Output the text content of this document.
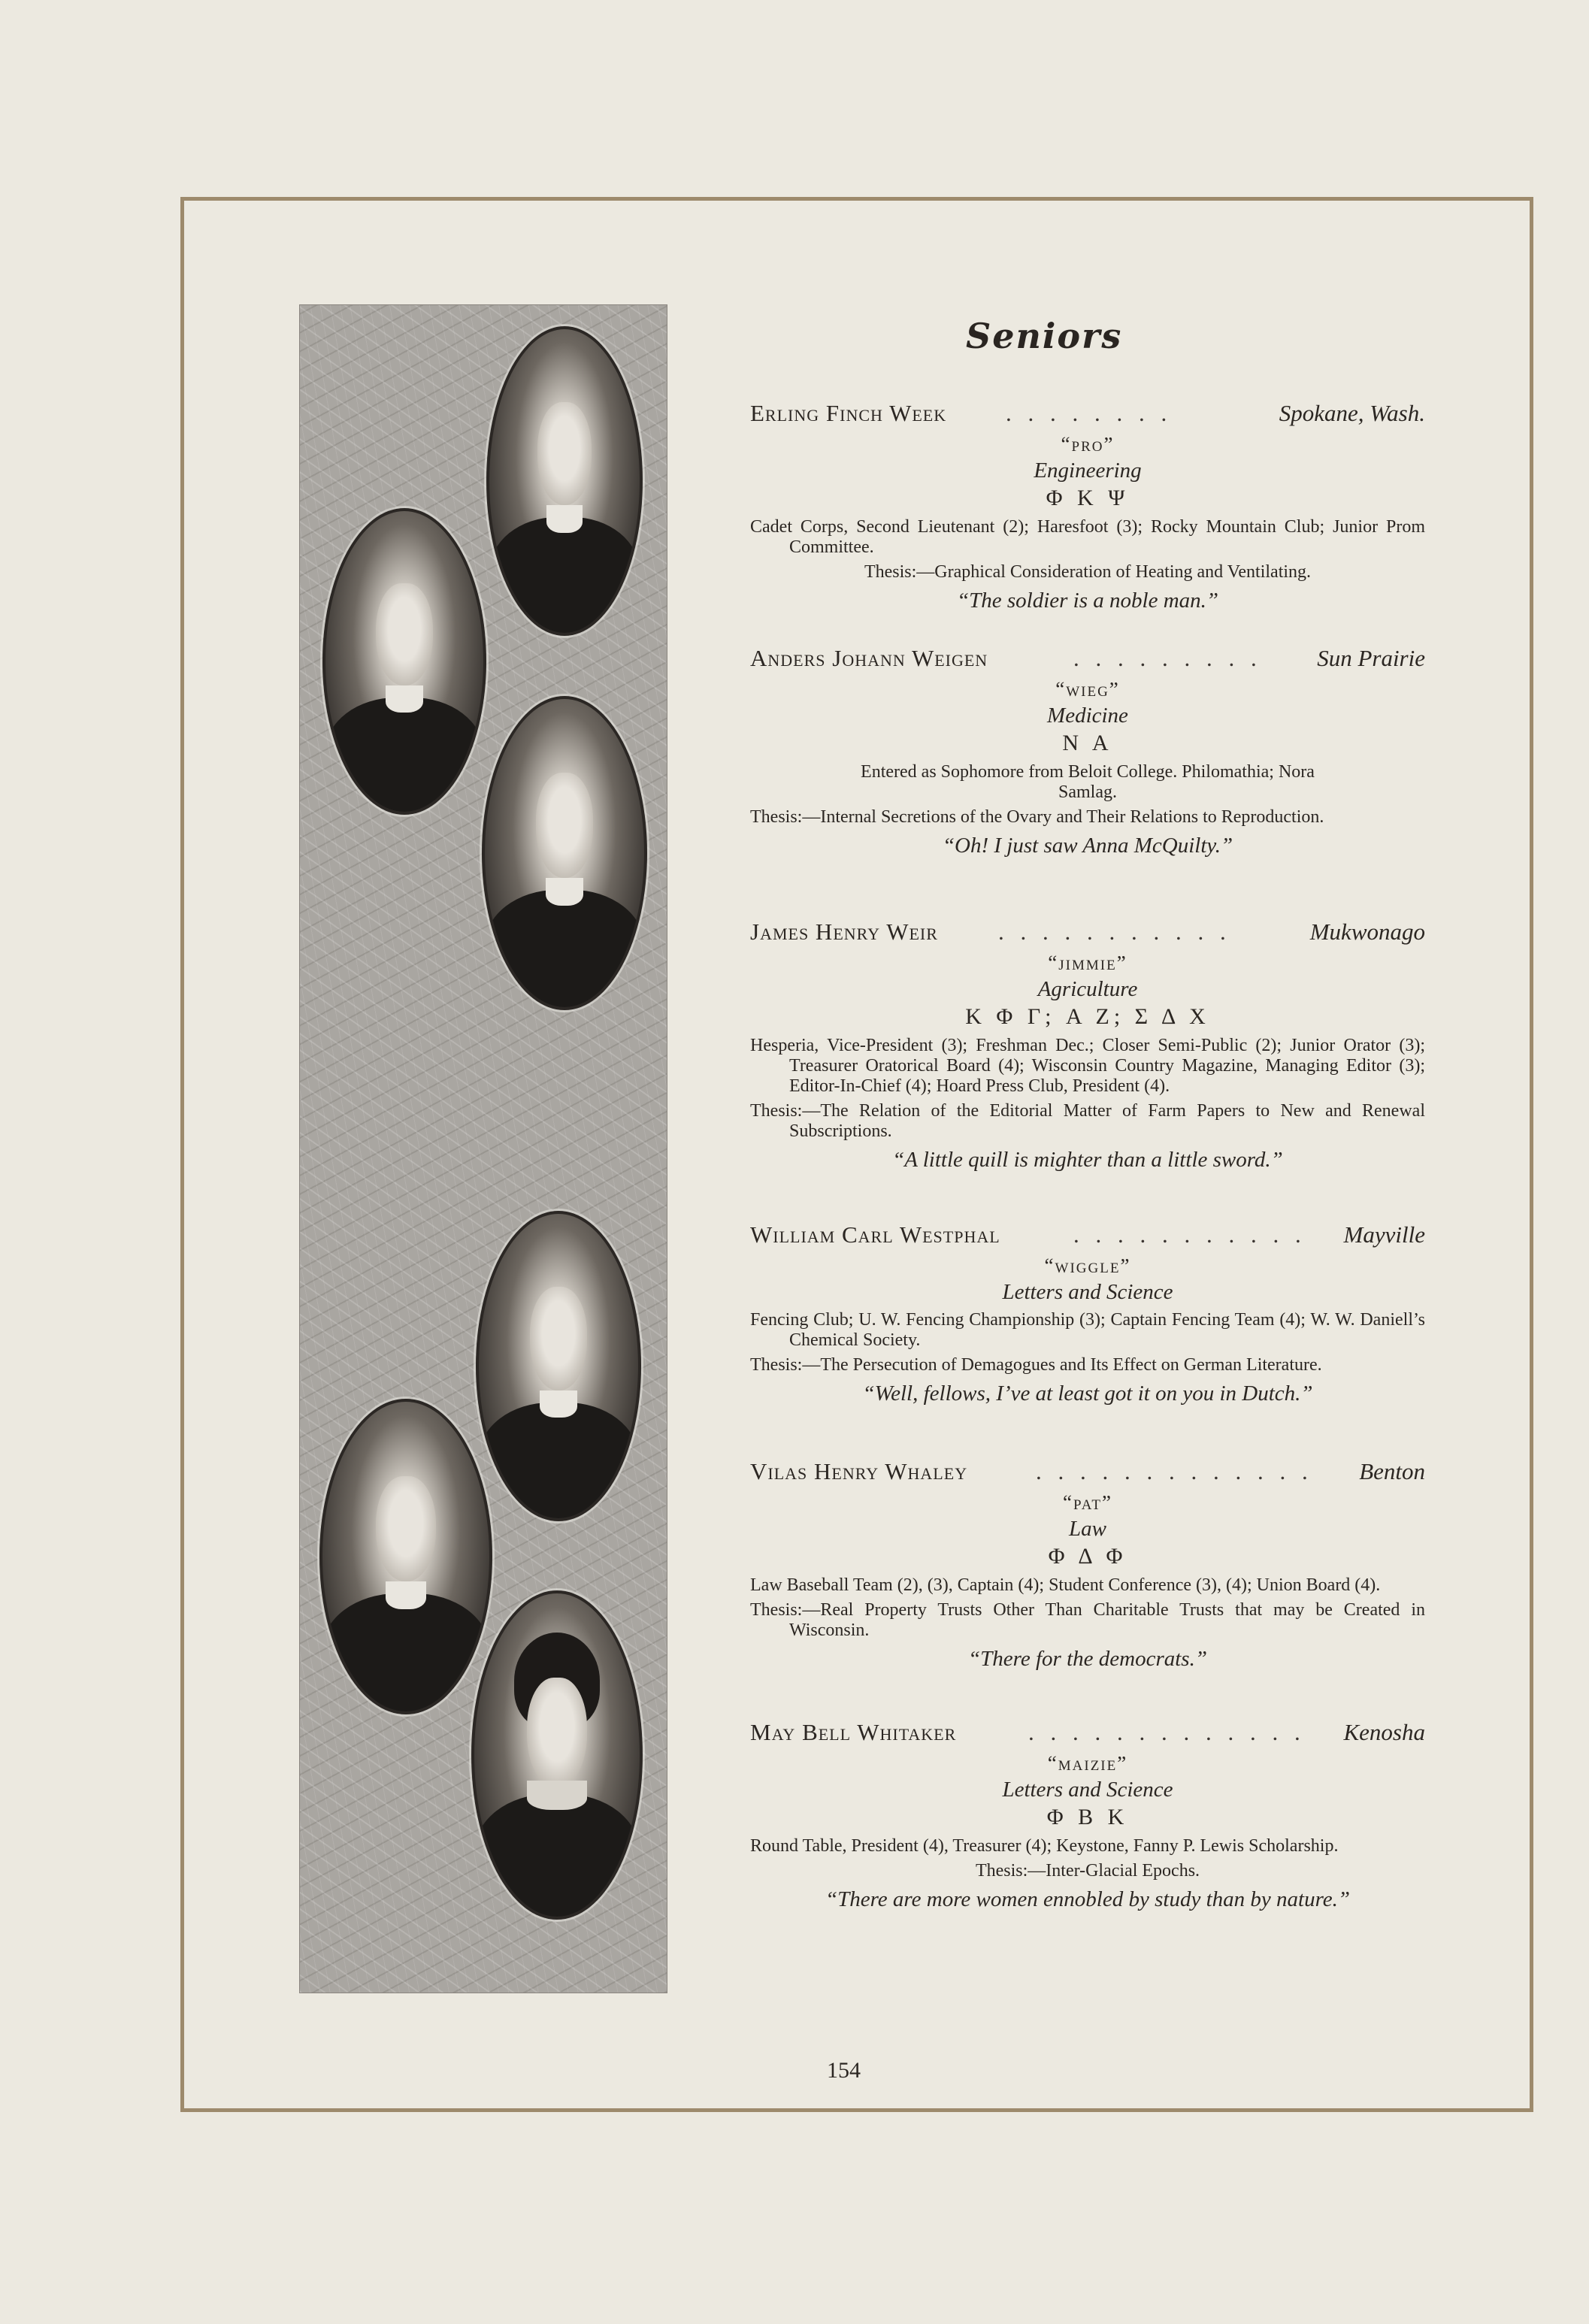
Seniors
Erling Finch Week	. . . . . . . .	Spokane, Wash.
“pro”
Engineering
Φ K Ψ
Cadet Corps, Second Lieutenant (2); Haresfoot (3); Rocky Mountain Club; Junior Prom Committee.
Thesis:—Graphical Consideration of Heating and Ventilating.
“The soldier is a noble man.”
Anders Johann Weigen	. . . . . . . . . Sun Prairie
“wieg”
Medicine
N A
Entered as Sophomore from Beloit College. Philomathia; Nora Samlag.
Thesis:—Internal Secretions of the Ovary and Their Relations to Reproduction.
“Oh! I just saw Anna McQuilty.”
James Henry Weir	. . . . . . . . . . .	Mukwonago
“jimmie”
Agriculture
K Φ Γ; A Z; Σ Δ X
Hesperia, Vice-President (3); Freshman Dec.; Closer Semi-Public (2); Junior Orator (3); Treasurer Oratorical Board (4); Wisconsin Country Magazine, Managing Editor (3); Editor-In-Chief (4); Hoard Press Club, President (4).
Thesis:—The Relation of the Editorial Matter of Farm Papers to New and Renewal Subscriptions.
“A little quill is mighter than a little sword.”
William Carl Westphal	. . . . . . . . . . . Mayville
“wiggle”
Letters and Science
Fencing Club; U. W. Fencing Championship (3); Captain Fencing Team (4); W. W. Daniell’s Chemical Society.
Thesis:—The Persecution of Demagogues and Its Effect on German Literature.
“Well, fellows, I’ve at least got it on you in Dutch.”
Vilas Henry Whaley	. . . . . . . . . . . . . Benton
“pat”
Law
Φ Δ Φ
Law Baseball Team (2), (3), Captain (4); Student Conference (3), (4); Union Board (4).
Thesis:—Real Property Trusts Other Than Charitable Trusts that may be Created in Wisconsin.
“There for the democrats.”
May Bell Whitaker	. . . . . . . . . . . . . Kenosha
“maizie”
Letters and Science
Φ B K
Round Table, President (4), Treasurer (4); Keystone, Fanny P. Lewis Scholarship.
Thesis:—Inter-Glacial Epochs.
“There are more women ennobled by study than by nature.”
154
